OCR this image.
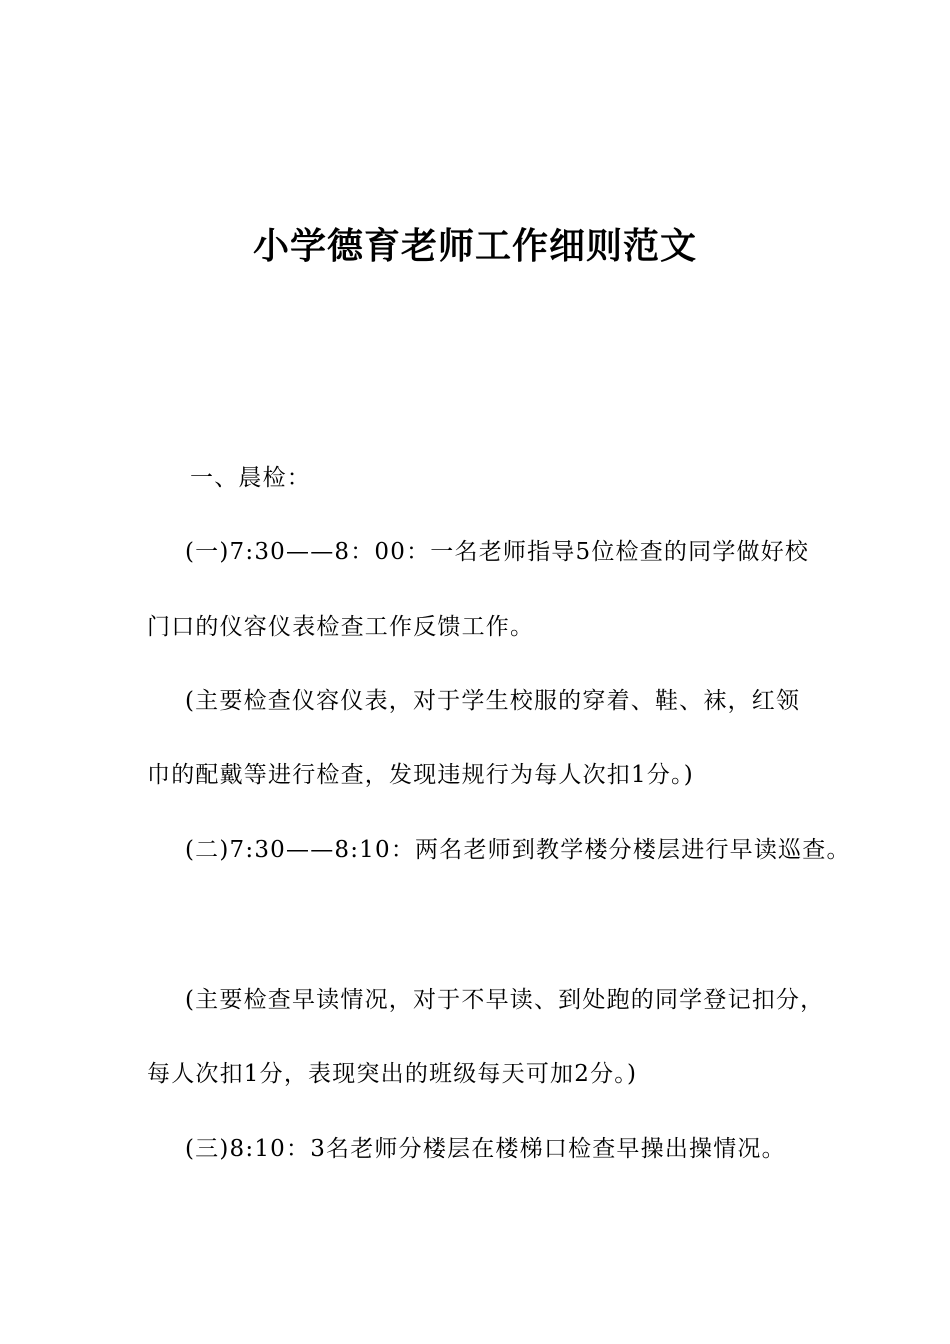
小学德育老师工作细则范文
一、晨检：
(一)7:30——8：00：一名老师指导5位检查的同学做好校
门口的仪容仪表检查工作反馈工作。
(主要检查仪容仪表，对于学生校服的穿着、鞋、袜，红领
巾的配戴等进行检查，发现违规行为每人次扣1分。)
(二)7:30——8:10：两名老师到教学楼分楼层进行早读巡查。
(主要检查早读情况，对于不早读、到处跑的同学登记扣分，
每人次扣1分，表现突出的班级每天可加2分。)
(三)8:10：3名老师分楼层在楼梯口检查早操出操情况。
